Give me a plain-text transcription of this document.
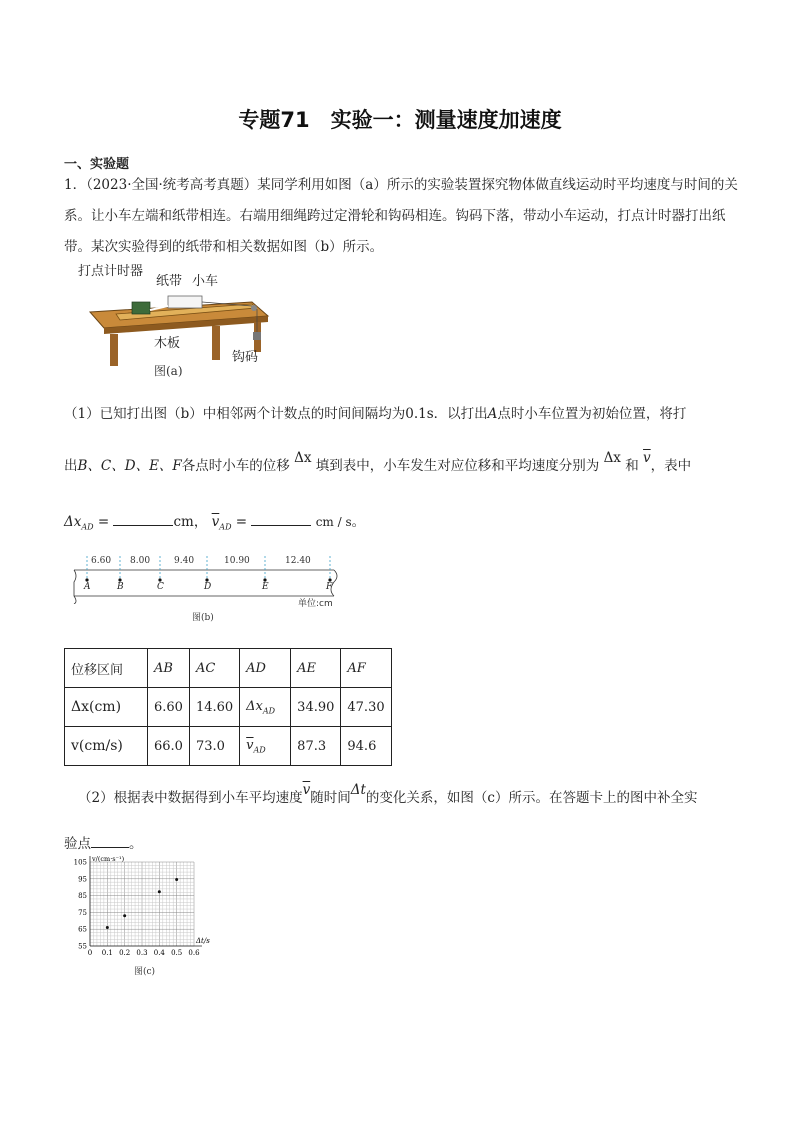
专题71　实验一：测量速度加速度
一、实验题
1．（2023·全国·统考高考真题）某同学利用如图（a）所示的实验装置探究物体做直线运动时平均速度与时间的关系。让小车左端和纸带相连。右端用细绳跨过定滑轮和钩码相连。钩码下落，带动小车运动，打点计时器打出纸带。某次实验得到的纸带和相关数据如图（b）所示。
打点计时器
纸带 小车
木板
钩码
图(a)
（1）已知打出图（b）中相邻两个计数点的时间间隔均为0.1s．以打出A点时小车位置为初始位置，将打
出B、C、D、E、F各点时小车的位移 Δx 填到表中，小车发生对应位移和平均速度分别为 Δx 和 $\overline{v}$，表中
$\Delta x_{AD}$ =	cm， $\overline{v}_{AD}$ =	cm / s。
6.60 8.00	9.40	10.90	12.40
A	B	C	D	E	F
单位:cm
图(b)
位移区间	AB	AC	AD	AE	AF
Δx(cm)	6.60	14.60	$\Delta x_{AD}$	34.90	47.30
v(cm/s)	66.0	73.0	$\overline{v}_{AD}$	87.3	94.6
（2）根据表中数据得到小车平均速度$\overline{v}$随时间Δt的变化关系，如图（c）所示。在答题卡上的图中补全实
验点	。
0 0.1 0.2 0.3 0.4 0.5 0.6
55
65
75
85
95
105 v/(cm·s⁻¹)
Δt/s
图(c)
